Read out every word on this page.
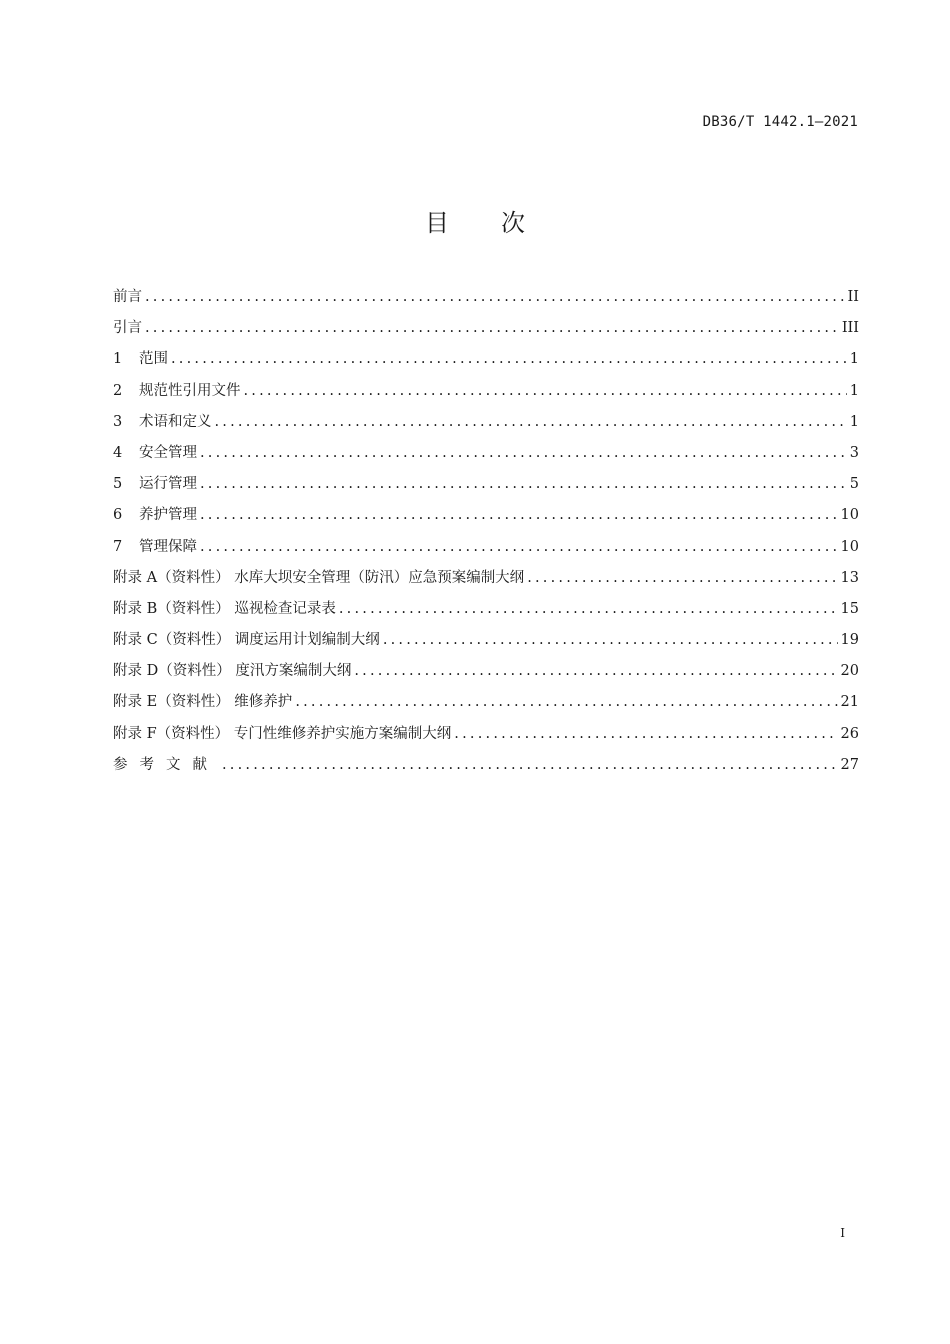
DB36/T 1442.1—2021
目 次
前言 .....	II
引言 .....	III
1	范围 .....	1
2	规范性引用文件 .....	1
3	术语和定义 .....	1
4	安全管理 .....	3
5	运行管理 .....	5
6	养护管理 .....	10
7	管理保障 .....	10
附录 A（资料性） 水库大坝安全管理（防汛）应急预案编制大纲 .....	13
附录 B（资料性） 巡视检查记录表 .....	15
附录 C（资料性） 调度运用计划编制大纲 .....	19
附录 D（资料性） 度汛方案编制大纲 .....	20
附录 E（资料性） 维修养护 .....	21
附录 F（资料性） 专门性维修养护实施方案编制大纲 .....	26
参考文献 .....	27
I
